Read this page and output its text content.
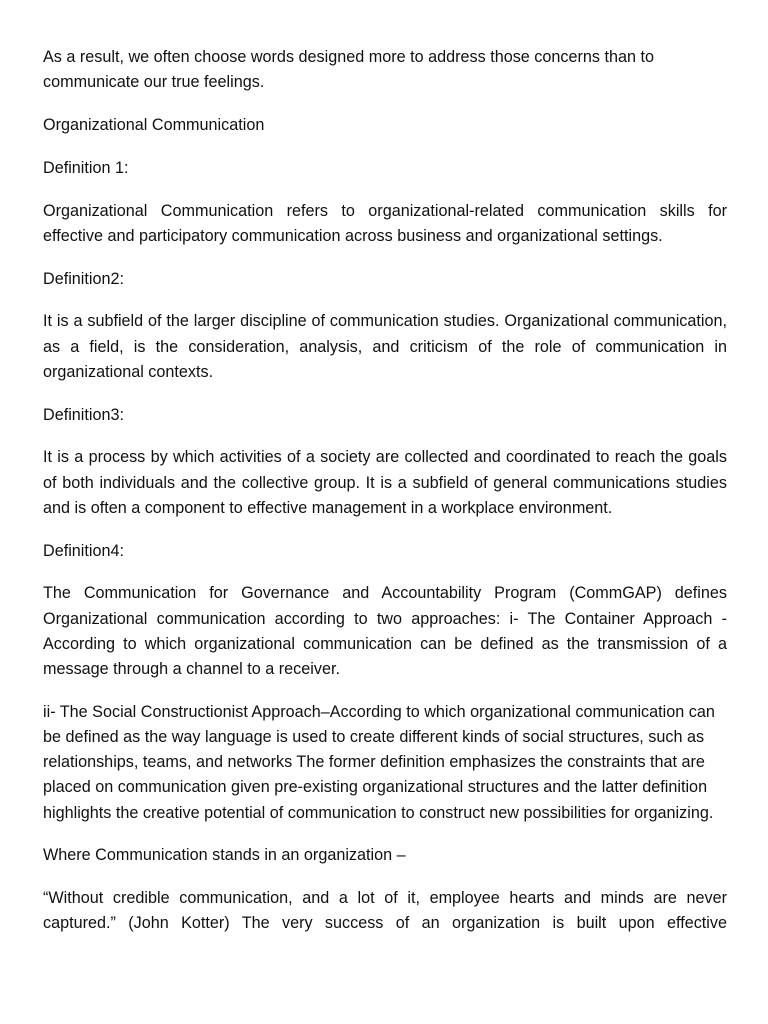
As a result, we often choose words designed more to address those concerns than to communicate our true feelings.

Organizational Communication

Definition 1:

Organizational Communication refers to organizational-related communication skills for effective and participatory communication across business and organizational settings.

Definition2:

It is a subfield of the larger discipline of communication studies. Organizational communication, as a field, is the consideration, analysis, and criticism of the role of communication in organizational contexts.

Definition3:

It is a process by which activities of a society are collected and coordinated to reach the goals of both individuals and the collective group. It is a subfield of general communications studies and is often a component to effective management in a workplace environment.

Definition4:

The Communication for Governance and Accountability Program (CommGAP) defines Organizational communication according to two approaches: i- The Container Approach - According to which organizational communication can be defined as the transmission of a message through a channel to a receiver.

ii- The Social Constructionist Approach–According to which organizational communication can be defined as the way language is used to create different kinds of social structures, such as relationships, teams, and networks The former definition emphasizes the constraints that are placed on communication given pre-existing organizational structures and the latter definition highlights the creative potential of communication to construct new possibilities for organizing.

Where Communication stands in an organization –

“Without credible communication, and a lot of it, employee hearts and minds are never captured.” (John Kotter) The very success of an organization is built upon effective
